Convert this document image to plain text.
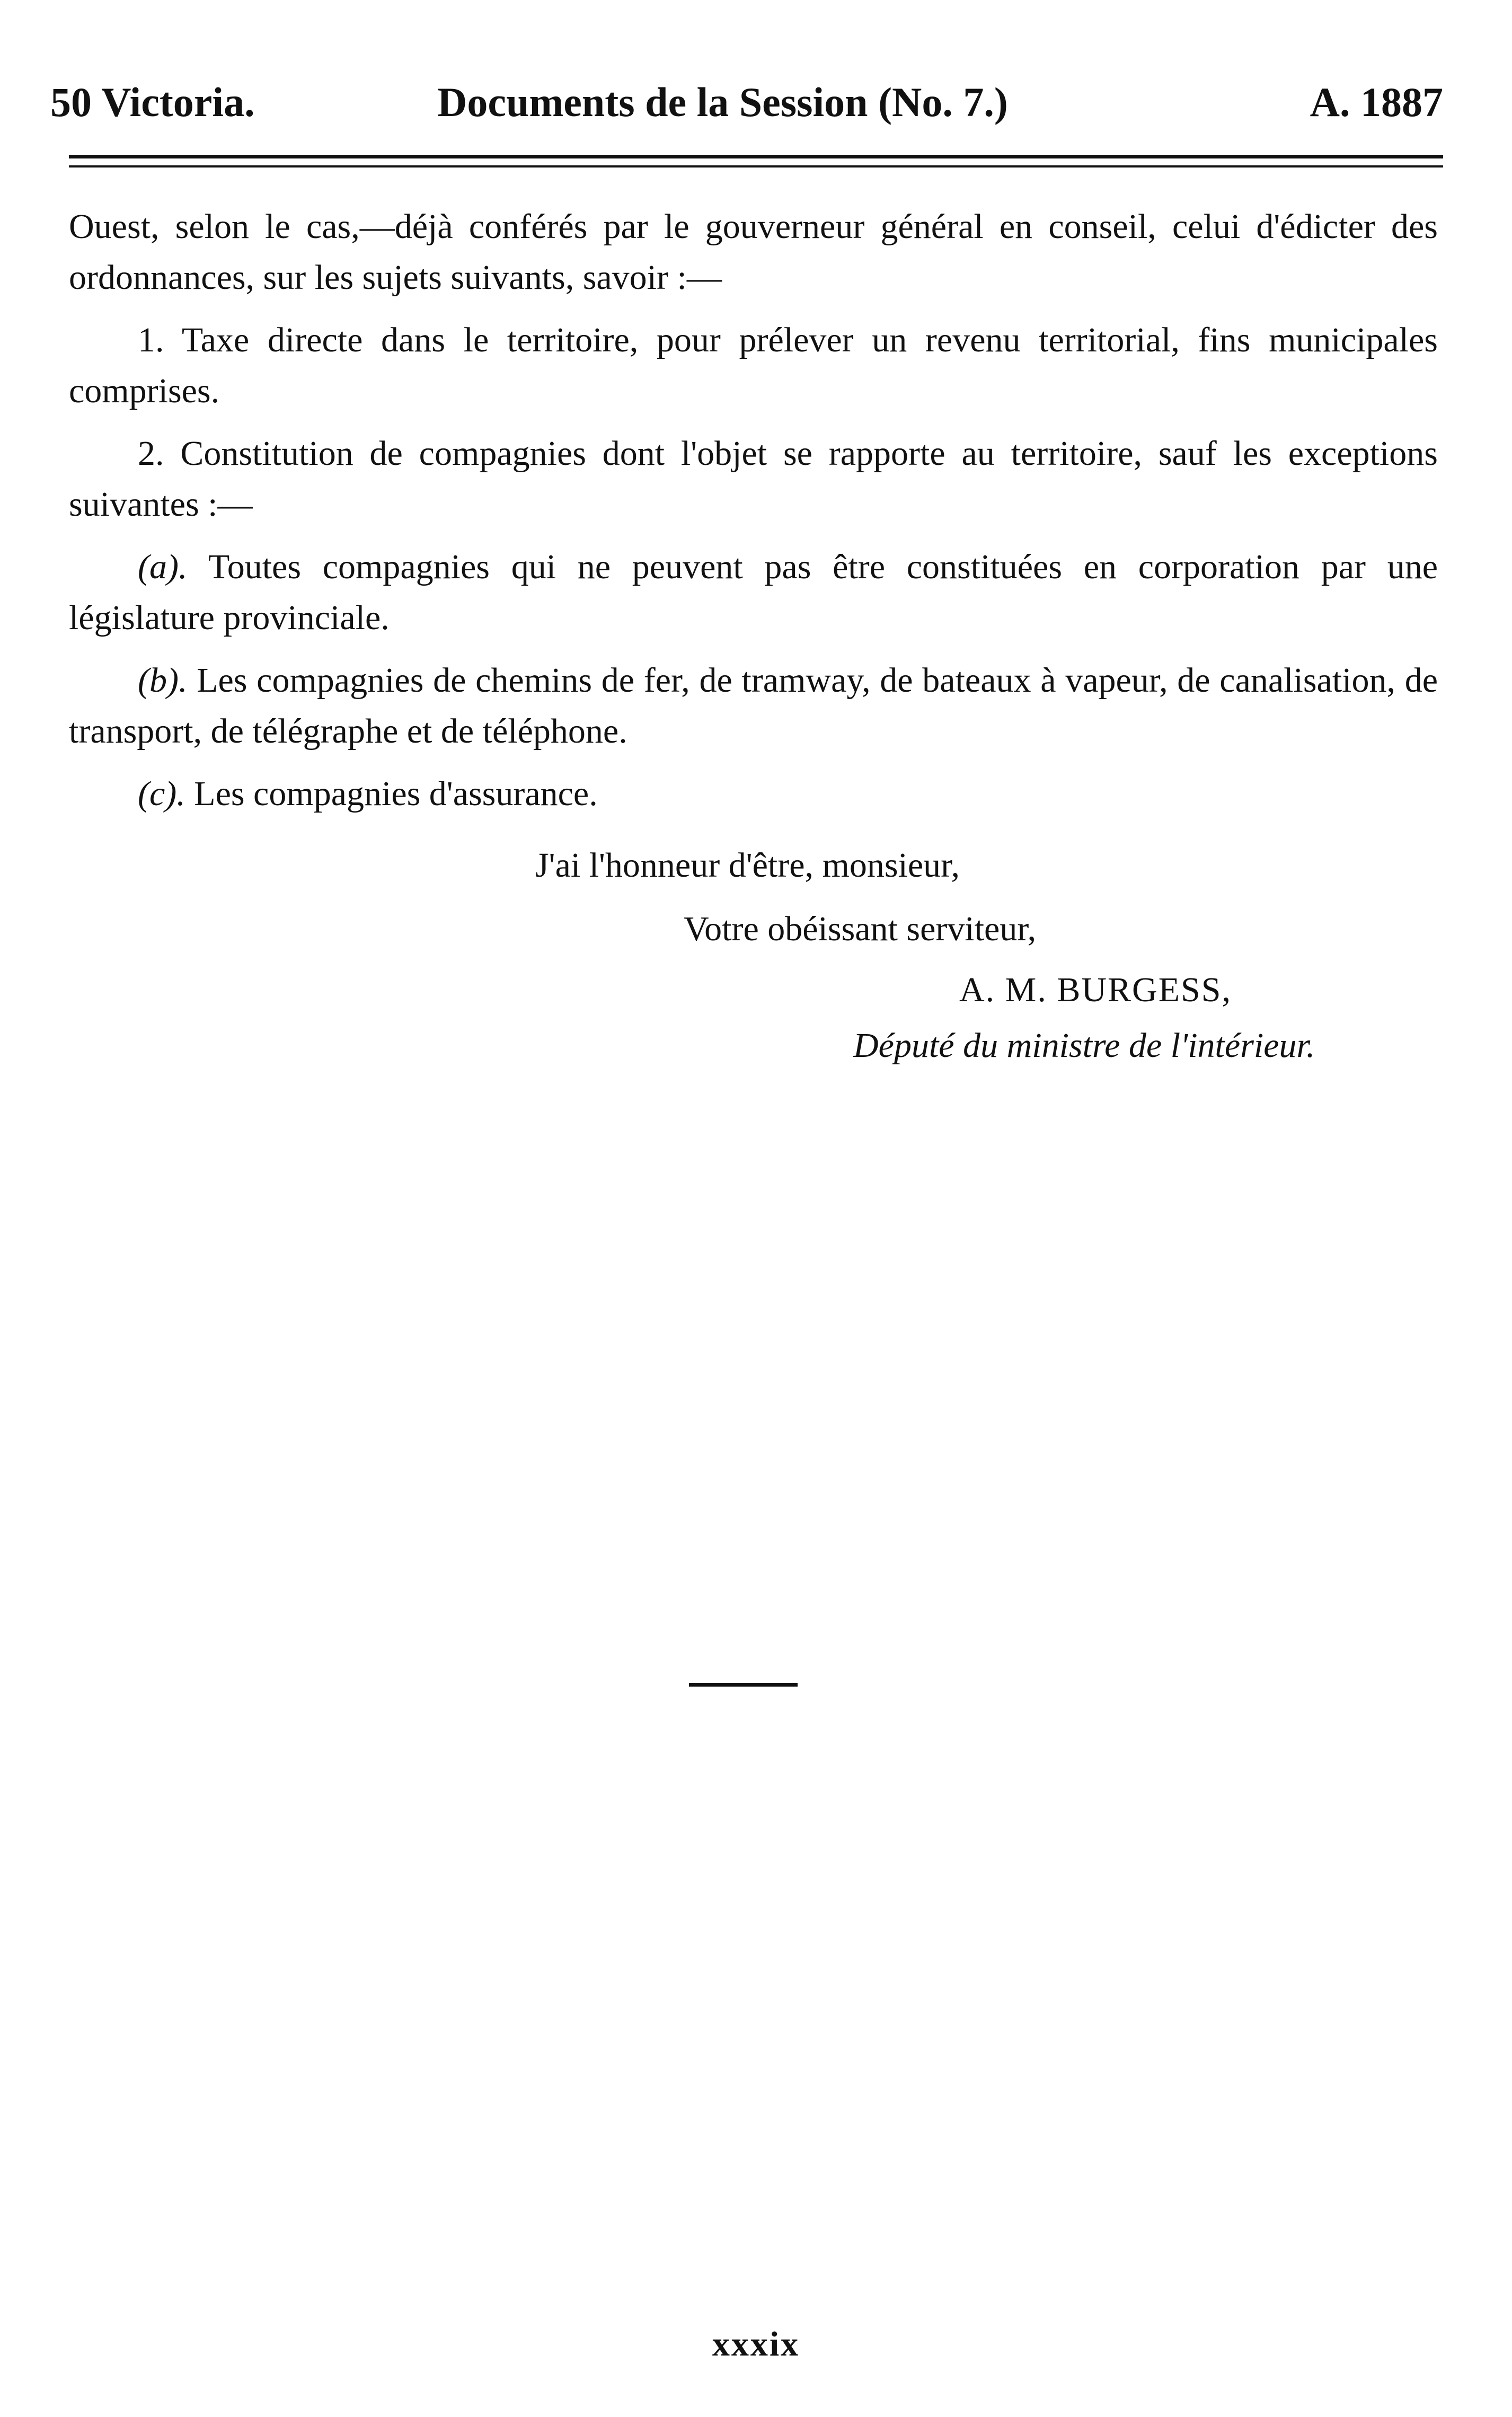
50 Victoria.	Documents de la Session (No. 7.)	A. 1887

Ouest, selon le cas,—déjà conférés par le gouverneur général en conseil, celui d'édicter des ordonnances, sur les sujets suivants, savoir :—

1. Taxe directe dans le territoire, pour prélever un revenu territorial, fins municipales comprises.

2. Constitution de compagnies dont l'objet se rapporte au territoire, sauf les exceptions suivantes :—

(a). Toutes compagnies qui ne peuvent pas être constituées en corporation par une législature provinciale.

(b). Les compagnies de chemins de fer, de tramway, de bateaux à vapeur, de canalisation, de transport, de télégraphe et de téléphone.

(c). Les compagnies d'assurance.

J'ai l'honneur d'être, monsieur,
Votre obéissant serviteur,
A. M. BURGESS,
Député du ministre de l'intérieur.
xxxix
